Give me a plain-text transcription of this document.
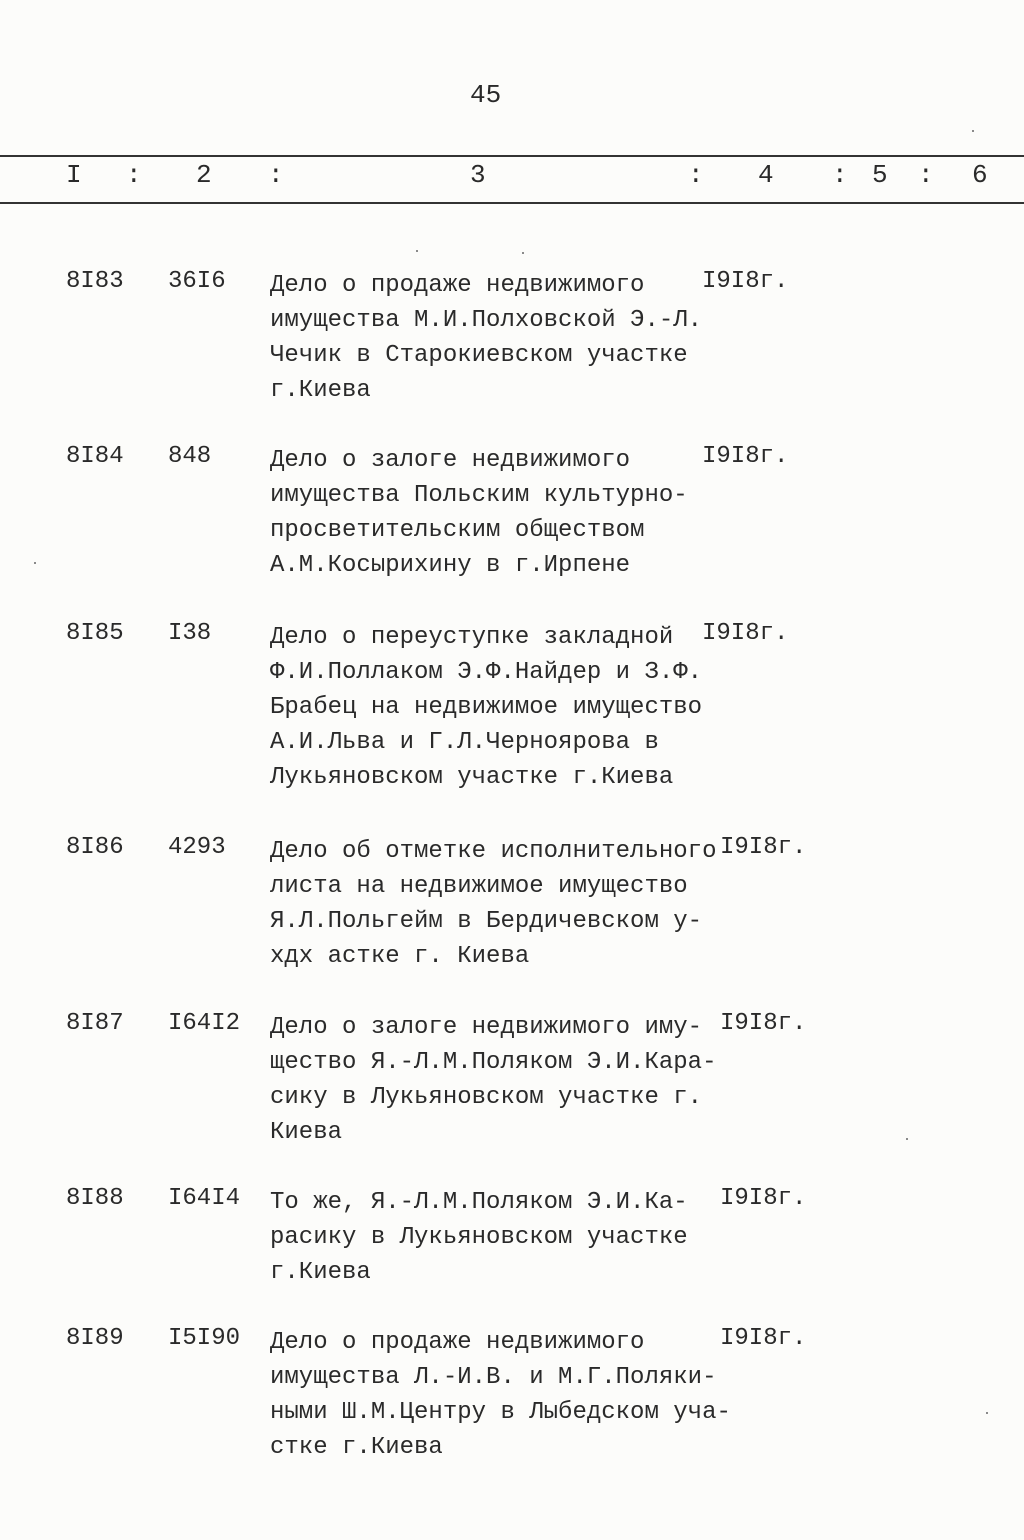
45
I : 2 :	3	: 4 : 5 : 6
8I83 36I6 Дело о продаже недвижимого
имущества М.И.Полховской Э.-Л.
Чечик в Старокиевском участке
г.Киева
I9I8г.
8I84 848 Дело о залоге недвижимого
имущества Польским культурно-
просветительским обществом
А.М.Косырихину в г.Ирпене
I9I8г.
8I85 I38 Дело о переуступке закладной
Ф.И.Поллаком Э.Ф.Найдер и З.Ф.
Брабец на недвижимое имущество
А.И.Льва и Г.Л.Чернoярова в
Лукьяновском участке г.Киева
I9I8г.
8I86 4293 Дело об отметке исполнительного
листа на недвижимое имущество
Я.Л.Польгейм в Бердичевском у-
хдх астке г. Киева
I9I8г.
8I87 I64I2 Дело о залоге недвижимого иму-
щество Я.-Л.М.Поляком Э.И.Кара-
сику в Лукьяновском участке г.
Киева
I9I8г.
8I88 I64I4 То же, Я.-Л.М.Поляком Э.И.Ка-
расику в Лукьяновском участке
г.Киева
I9I8г.
8I89 I5I90 Дело о продаже недвижимого
имущества Л.-И.В. и М.Г.Поляки-
ными Ш.М.Центру в Лыбедском уча-
стке г.Киева
I9I8г.
